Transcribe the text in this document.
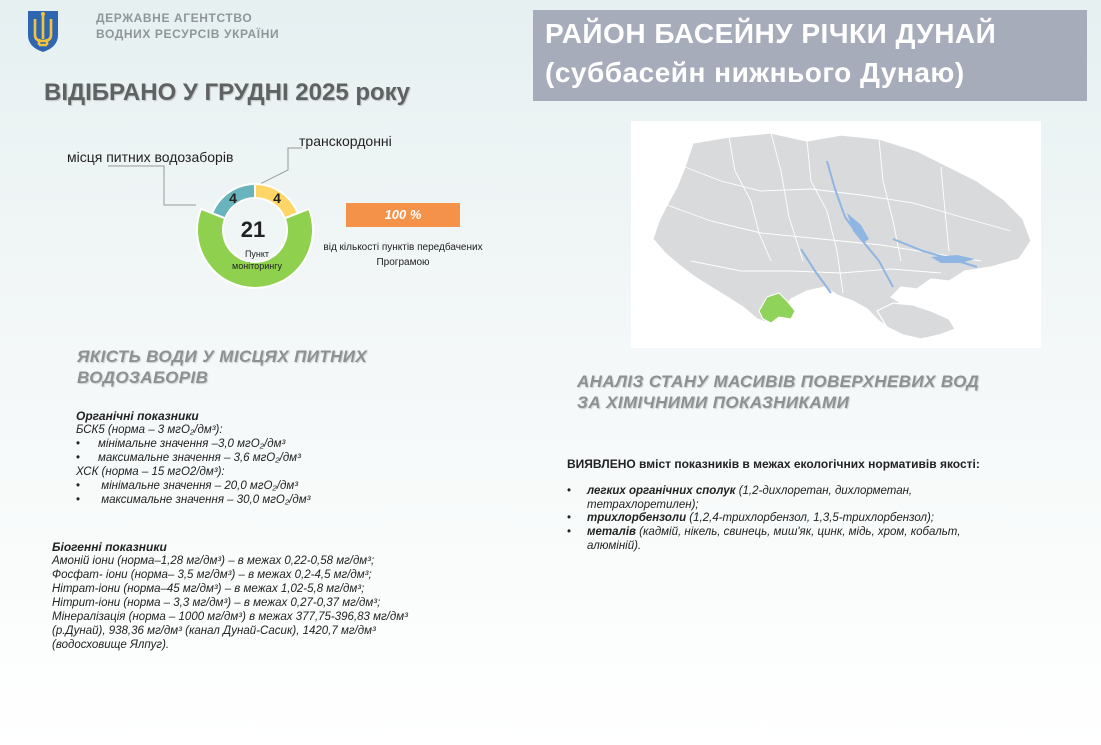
ДЕРЖАВНЕ АГЕНТСТВО
ВОДНИХ РЕСУРСІВ УКРАЇНИ	РАЙОН БАСЕЙНУ РІЧКИ ДУНАЙ
(суббасейн нижнього Дунаю)
ВІДІБРАНО У ГРУДНІ 2025 року
місця питних водозаборів
транскордонні
4	4
21
Пункт
моніторингу
100 %
від кількості пунктів передбачених
Програмою
ЯКІСТЬ ВОДИ У МІСЦЯХ ПИТНИХ
ВОДОЗАБОРІВ
Органічні показники
БСК5 (норма – 3 мгО₂/дм³):
• мінімальне значення –3,0 мгО₂/дм³
• максимальне значення – 3,6 мгО₂/дм³
ХСК (норма – 15 мгО2/дм³):
• мінімальне значення – 20,0 мгО₂/дм³
• максимальне значення – 30,0 мгО₂/дм³
Біогенні показники
Амоній іони (норма–1,28 мг/дм³) – в межах 0,22-0,58 мг/дм³;
Фосфат- іони (норма– 3,5 мг/дм³) – в межах 0,2-4,5 мг/дм³;
Нітрат-іони (норма–45 мг/дм³) – в межах 1,02-5,8 мг/дм³;
Нітрит-іони (норма – 3,3 мг/дм³) – в межах 0,27-0,37 мг/дм³;
Мінералізація (норма – 1000 мг/дм³) в межах 377,75-396,83 мг/дм³
(р.Дунай), 938,36 мг/дм³ (канал Дунай-Сасик), 1420,7 мг/дм³
(водосховище Ялпуг).
АНАЛІЗ СТАНУ МАСИВІВ ПОВЕРХНЕВИХ ВОД
ЗА ХІМІЧНИМИ ПОКАЗНИКАМИ
ВИЯВЛЕНО вміст показників в межах екологічних нормативів якості:
• легких органічних сполук (1,2-дихлоретан, дихлорметан,
тетрахлоретилен);
• трихлорбензоли (1,2,4-трихлорбензол, 1,3,5-трихлорбензол);
• металів (кадмій, нікель, свинець, миш'як, цинк, мідь, хром, кобальт,
алюміній).
